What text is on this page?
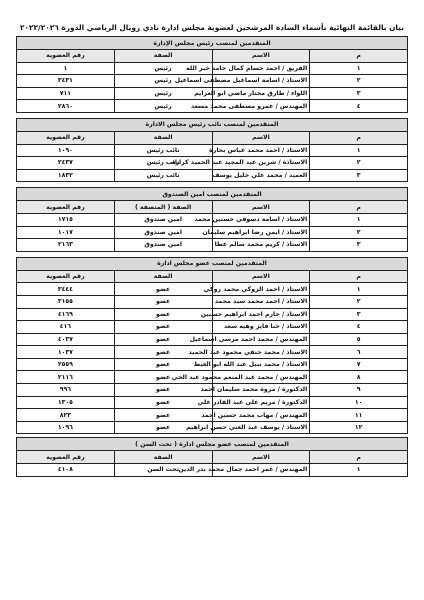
بيان بالقائمة النهائية بأسماء السادة المرشحين لعضوية مجلس ادارة نادي رويال الرياضي الدورة ٢٠٢٢/٢٠٢٦
المتقدمين لمنصب رئيس مجلس الإدارة			
م	الاسم	الصفة	رقم العضوية
١	الفريق / احمد حسام كمال حامد خير الله	رئيس	١
٢	الاستاذ / اسامة اسماعيل مصطفى اسماعيل	رئيس	٣٤٣١
٣	اللواء / طارق مختار ماضي ابو العزايم	رئيس	٧١١
٤	المهندس / عمرو مصطفى محمد مسعد	رئيس	٢٨٦٠
المتقدمين لمنصب نائب رئيس مجلس الادارة			
م	الاسم	الصفة	رقم العضوية
١	الاستاذ / احمد محمد عباس بحارة	نائب رئيس	١٠٩٠
٢	الاستاذة / شرين عبد المجيد عبد الحميد كراره	نائب رئيس	٢٤٣٧
٣	العميد / محمد علي خليل يوسف	نائب رئيس	١٨٣٢
المتقدمين لمنصب امين الصندوق			
م	الاسم	الصفة ( المنصفة )	رقم العضوية
١	الاستاذ / اسامة دسوقي حسنين محمد	امين صندوق	١٧١٥
٢	الاستاذ / ايمن رضا ابراهيم سليمان	امين صندوق	١٠١٧
٣	الاستاذ / كريم محمد سالم عطا	امين صندوق	٢١٦٣
المتقدمين لمنصب عضو مجلس ادارة			
م	الاسم	الصفة	رقم العضوية
١	الاستاذ / احمد الزوكي محمد زوكي	عضو	٣٤٤٤
٢	الاستاذ / احمد محمد سيد محمد	عضو	٣١٥٥
٣	الاستاذ / حازم احمد ابراهيم حسنين	عضو	٤١٦٩
٤	الاستاذ / خنا فايز وهيه سعد	عضو	٤١٦
٥	المهندس / محمد احمد مرسي اسماعيل	عضو	٤٠٣٧
٦	الاستاذ / محمد حنفي محمود عبد الحميد	عضو	١٠٣٧
٧	الاستاذ / محمد نبيل عبد الله ابو الغيط	عضو	٢٥٥٩
٨	المهندس / محمد عبد المنعم محمود عبد الحي	عضو	٢١١٦
٩	الدكتورة / مروة محمد سليمان احمد	عضو	٩٩٦
١٠	الدكتورة / مريم علي عبد القادر علي	عضو	١٣٠٥
١١	المهندس / مهاب محمد حسين احمد	عضو	٨٢٣
١٢	الاستاذ / يوسف عبد الغني حسن ابراهيم	عضو	١٠٩٦
المتقدمين لمنصب عضو مجلس ادارة ( تحت السن )			
م	الاسم	الصفة	رقم العضوية
١	المهندس / عمر احمد جمال محمد بدر الدين	تحت السن	٤١٠٨
